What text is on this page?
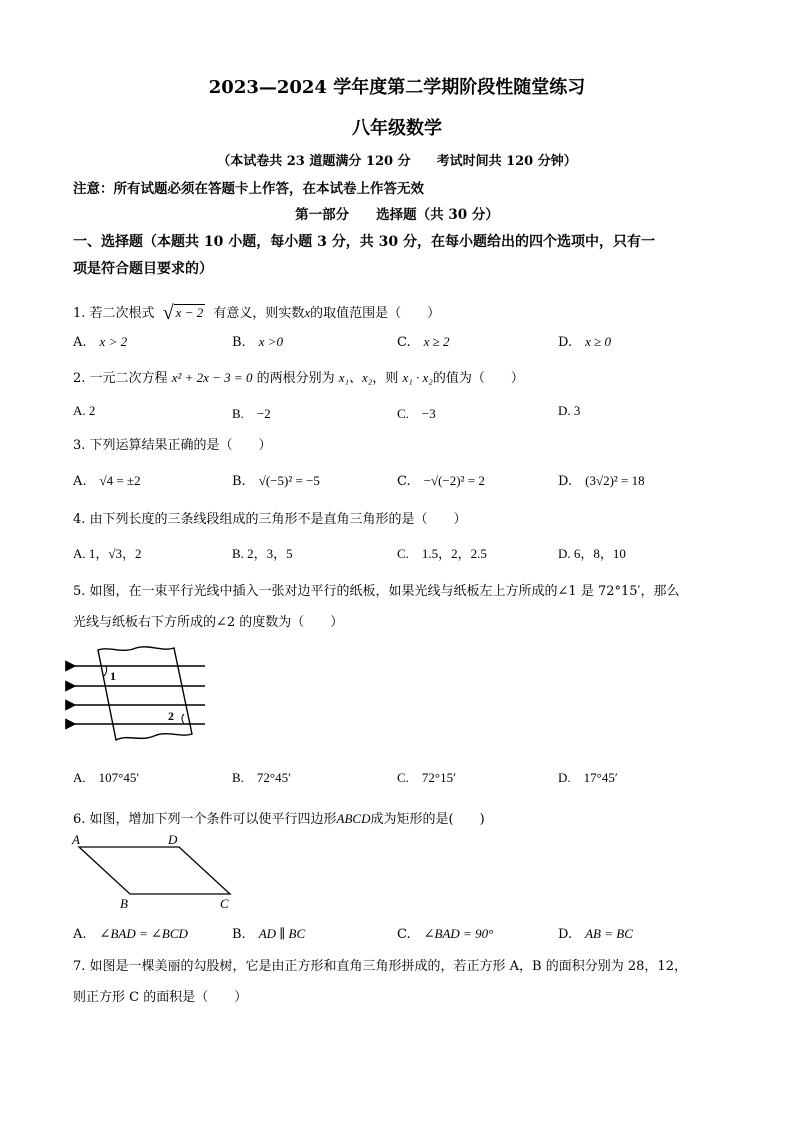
2023—2024 学年度第二学期阶段性随堂练习
八年级数学
（本试卷共 23 道题满分 120 分　　考试时间共 120 分钟）
注意：所有试题必须在答题卡上作答，在本试卷上作答无效
第一部分　　选择题（共 30 分）
一、选择题（本题共 10 小题，每小题 3 分，共 30 分，在每小题给出的四个选项中，只有一
项是符合题目要求的）
1. 若二次根式 √ x − 2 有意义，则实数x的取值范围是（　　）
A.　 x > 2	B.　 x >0	C.　 x ≥ 2	D.　 x ≥ 0
2. 一元二次方程 x² + 2x − 3 = 0 的两根分别为 x₁、x₂，则 x₁ · x₂的值为（　　）
A. 2	B.　−2	C.　−3	D. 3
3. 下列运算结果正确的是（　　）
A.　 √4 = ±2	B.　 √(−5)² = −5	C.　 −√(−2)² = 2	D.　 (3√2)² = 18
4. 由下列长度的三条线段组成的三角形不是直角三角形的是（　　）
A. 1，√3，2	B. 2，3，5	C.　1.5，2，2.5	D. 6，8，10
5. 如图，在一束平行光线中插入一张对边平行的纸板，如果光线与纸板左上方所成的∠1 是 72°15′，那么
光线与纸板右下方所成的∠2 的度数为（　　）
1
2
A.　107°45′	B.　72°45′	C.　72°15′	D.　17°45′
6. 如图，增加下列一个条件可以使平行四边形ABCD成为矩形的是(　　)
A	D
B	C
A.　 ∠BAD = ∠BCD	B.　 AD ∥ BC	C.　 ∠BAD = 90°	D.　 AB = BC
7. 如图是一棵美丽的勾股树，它是由正方形和直角三角形拼成的，若正方形 A，B 的面积分别为 28，12，
则正方形 C 的面积是（　　）
